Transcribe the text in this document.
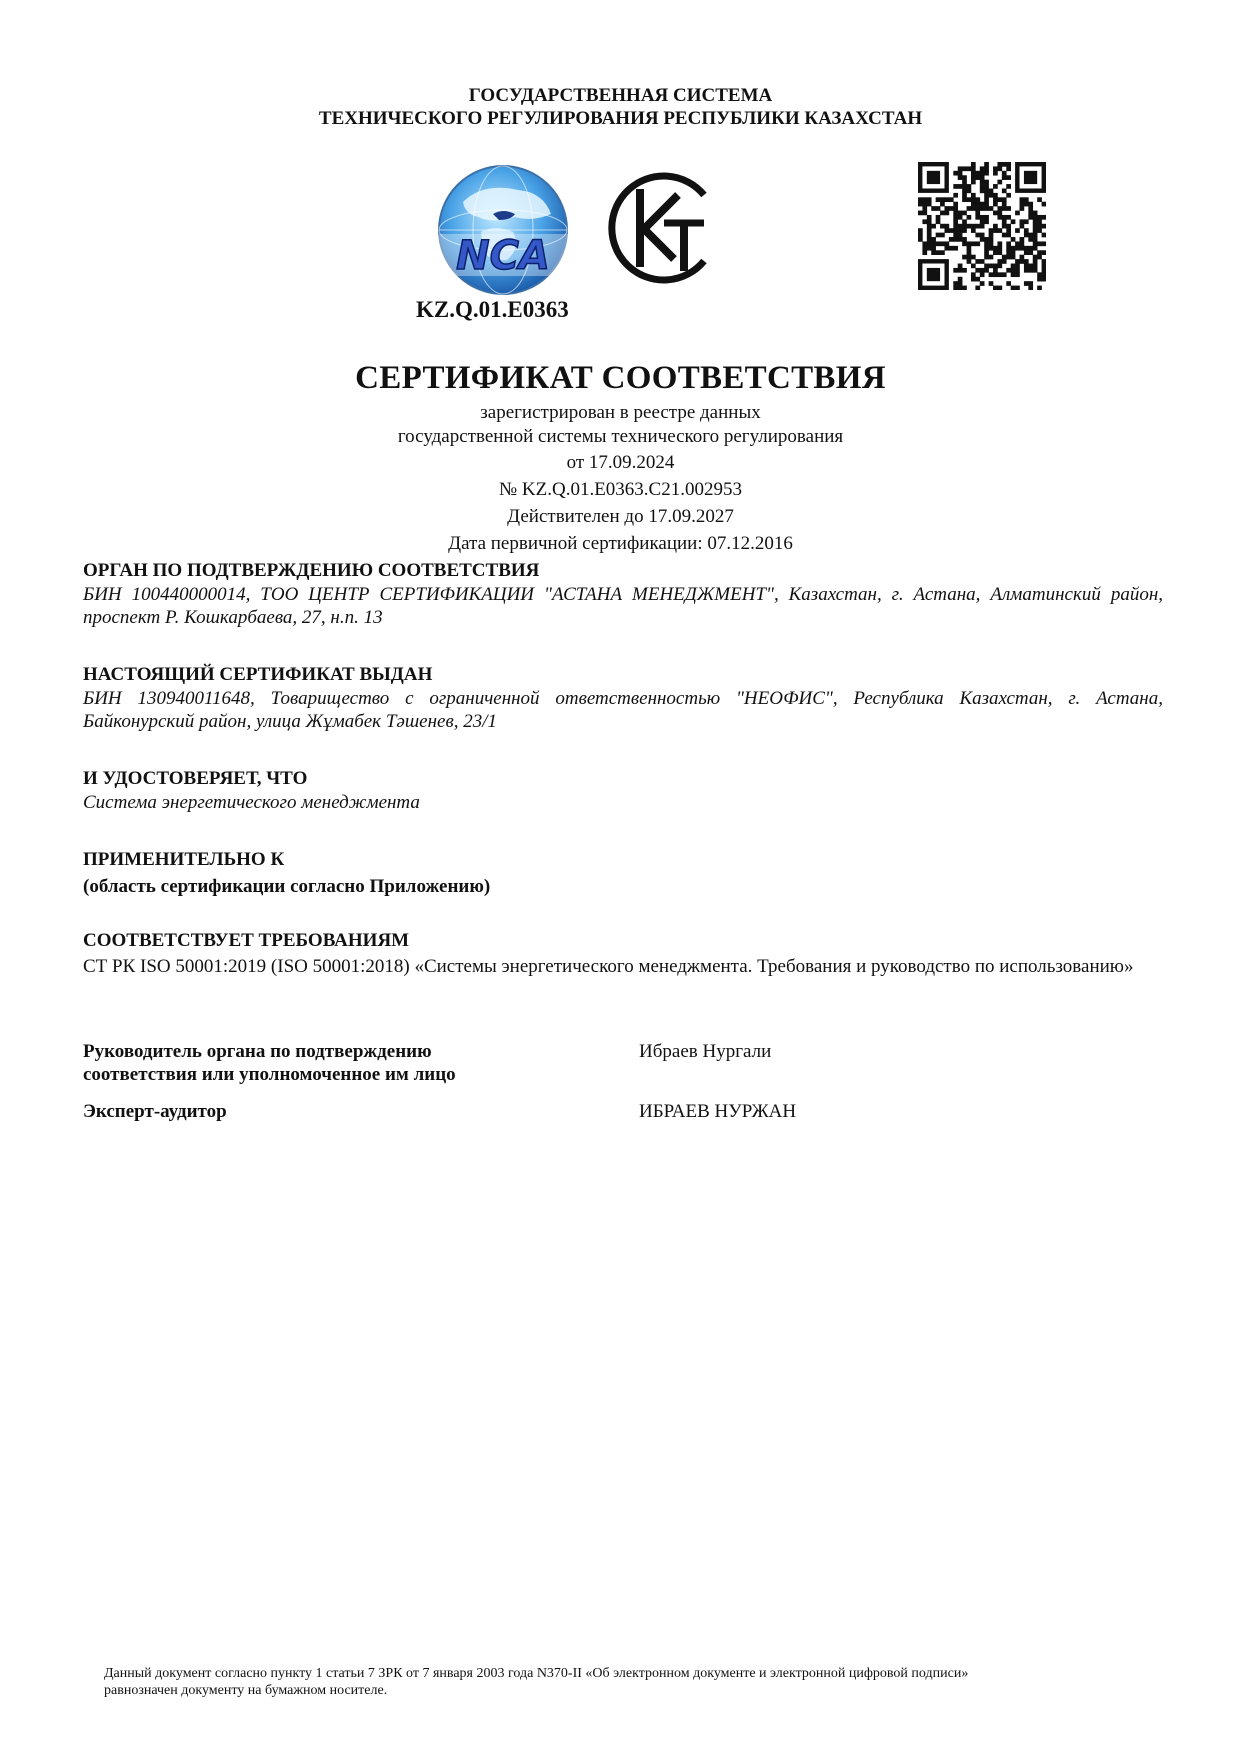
ГОСУДАРСТВЕННАЯ СИСТЕМА
ТЕХНИЧЕСКОГО РЕГУЛИРОВАНИЯ РЕСПУБЛИКИ КАЗАХСТАН
NCA
KZ.Q.01.E0363
СЕРТИФИКАТ СООТВЕТСТВИЯ
зарегистрирован в реестре данных
государственной системы технического регулирования
от 17.09.2024
№ KZ.Q.01.E0363.C21.002953
Действителен до 17.09.2027
Дата первичной сертификации: 07.12.2016
ОРГАН ПО ПОДТВЕРЖДЕНИЮ СООТВЕТСТВИЯ
БИН 100440000014, ТОО ЦЕНТР СЕРТИФИКАЦИИ "АСТАНА МЕНЕДЖМЕНТ", Казахстан, г. Астана, Алматинский район, проспект Р. Кошкарбаева, 27, н.п. 13
НАСТОЯЩИЙ СЕРТИФИКАТ ВЫДАН
БИН 130940011648, Товарищество с ограниченной ответственностью "НЕОФИС", Республика Казахстан, г. Астана, Байконурский район, улица Жұмабек Тәшенев, 23/1
И УДОСТОВЕРЯЕТ, ЧТО
Система энергетического менеджмента
ПРИМЕНИТЕЛЬНО К
(область сертификации согласно Приложению)
СООТВЕТСТВУЕТ ТРЕБОВАНИЯМ
СТ РК ISO 50001:2019 (ISO 50001:2018) «Системы энергетического менеджмента. Требования и руководство по использованию»
Руководитель органа по подтверждению
соответствия или уполномоченное им лицо
Ибраев Нургали
Эксперт-аудитор	ИБРАЕВ НУРЖАН
Данный документ согласно пункту 1 статьи 7 ЗРК от 7 января 2003 года N370-II «Об электронном документе и электронной цифровой подписи»
равнозначен документу на бумажном носителе.
